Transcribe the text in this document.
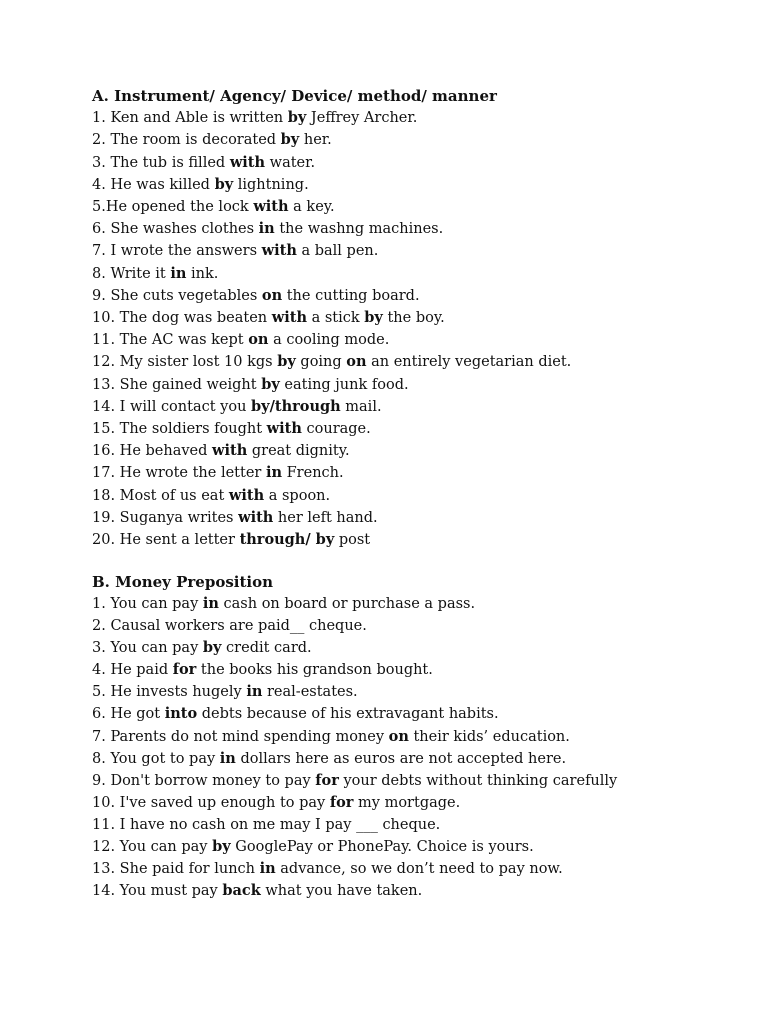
A. Instrument/ Agency/ Device/ method/ manner
1. Ken and Able is written by Jeffrey Archer.
2. The room is decorated by her.
3. The tub is filled with water.
4. He was killed by lightning.
5.He opened the lock with a key.
6. She washes clothes in the washng machines.
7. I wrote the answers with a ball pen.
8. Write it in ink.
9. She cuts vegetables on the cutting board.
10. The dog was beaten with a stick by the boy.
11. The AC was kept on a cooling mode.
12. My sister lost 10 kgs by going on an entirely vegetarian diet.
13. She gained weight by eating junk food.
14. I will contact you by/through mail.
15. The soldiers fought with courage.
16. He behaved with great dignity.
17. He wrote the letter in French.
18. Most of us eat with a spoon.
19. Suganya writes with her left hand.
20. He sent a letter through/ by post
B. Money Preposition
1. You can pay in cash on board or purchase a pass.
2. Causal workers are paid__ cheque.
3. You can pay by credit card.
4. He paid for the books his grandson bought.
5. He invests hugely in real-estates.
6. He got into debts because of his extravagant habits.
7. Parents do not mind spending money on their kids’ education.
8. You got to pay in dollars here as euros are not accepted here.
9. Don't borrow money to pay for your debts without thinking carefully
10. I've saved up enough to pay for my mortgage.
11. I have no cash on me may I pay ___ cheque.
12. You can pay by GooglePay or PhonePay. Choice is yours.
13. She paid for lunch in advance, so we don’t need to pay now.
14. You must pay back what you have taken.
